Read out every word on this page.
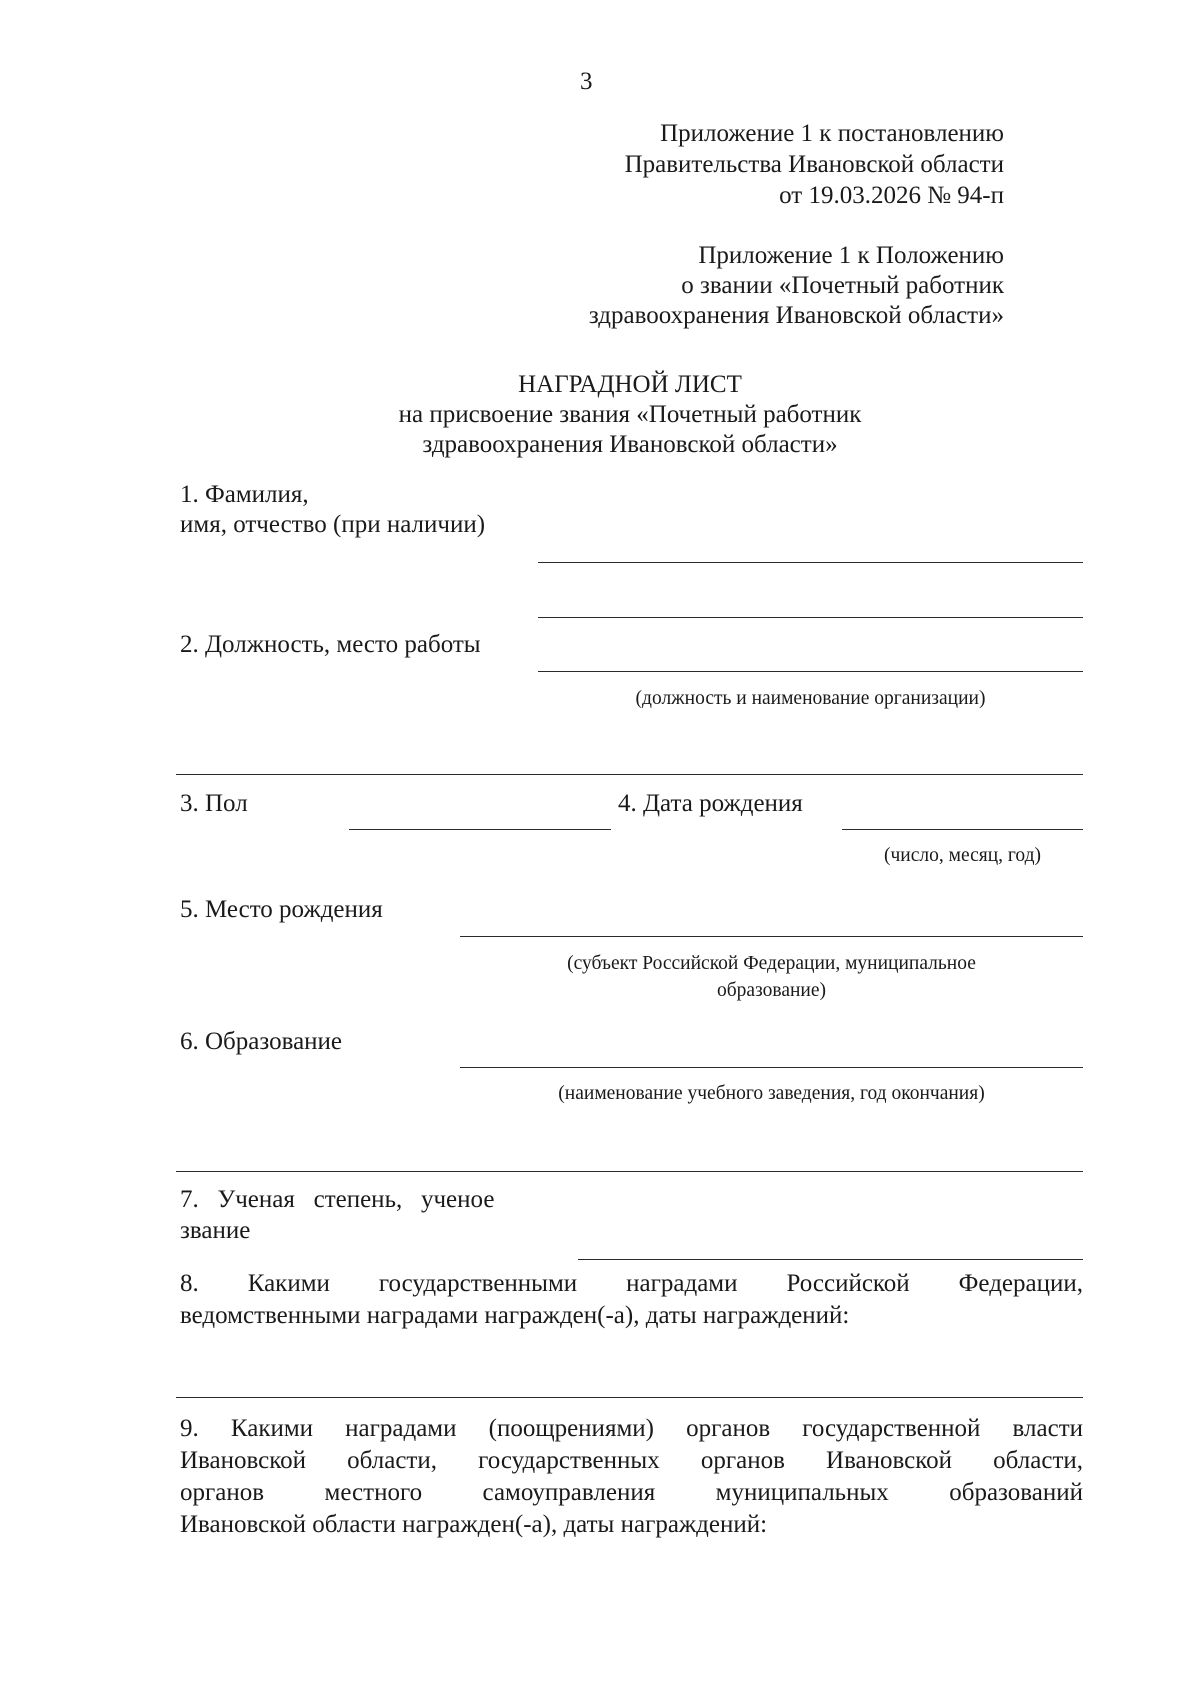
3
Приложение 1 к постановлению
Правительства Ивановской области
от 19.03.2026 № 94-п
Приложение 1 к Положению
о звании «Почетный работник
здравоохранения Ивановской области»
НАГРАДНОЙ ЛИСТ
на присвоение звания «Почетный работник
здравоохранения Ивановской области»
1. Фамилия,
имя, отчество (при наличии)
2. Должность, место работы
(должность и наименование организации)
3. Пол	4. Дата рождения
(число, месяц, год)
5. Место рождения
(субъект Российской Федерации, муниципальное
образование)
6. Образование
(наименование учебного заведения, год окончания)
7.   Ученая   степень,   ученое
звание
8. Какими государственными наградами Российской Федерации,
ведомственными наградами награжден(-а), даты награждений:
9. Какими наградами (поощрениями) органов государственной власти
Ивановской области, государственных органов Ивановской области,
органов местного самоуправления муниципальных образований
Ивановской области награжден(-а), даты награждений:
